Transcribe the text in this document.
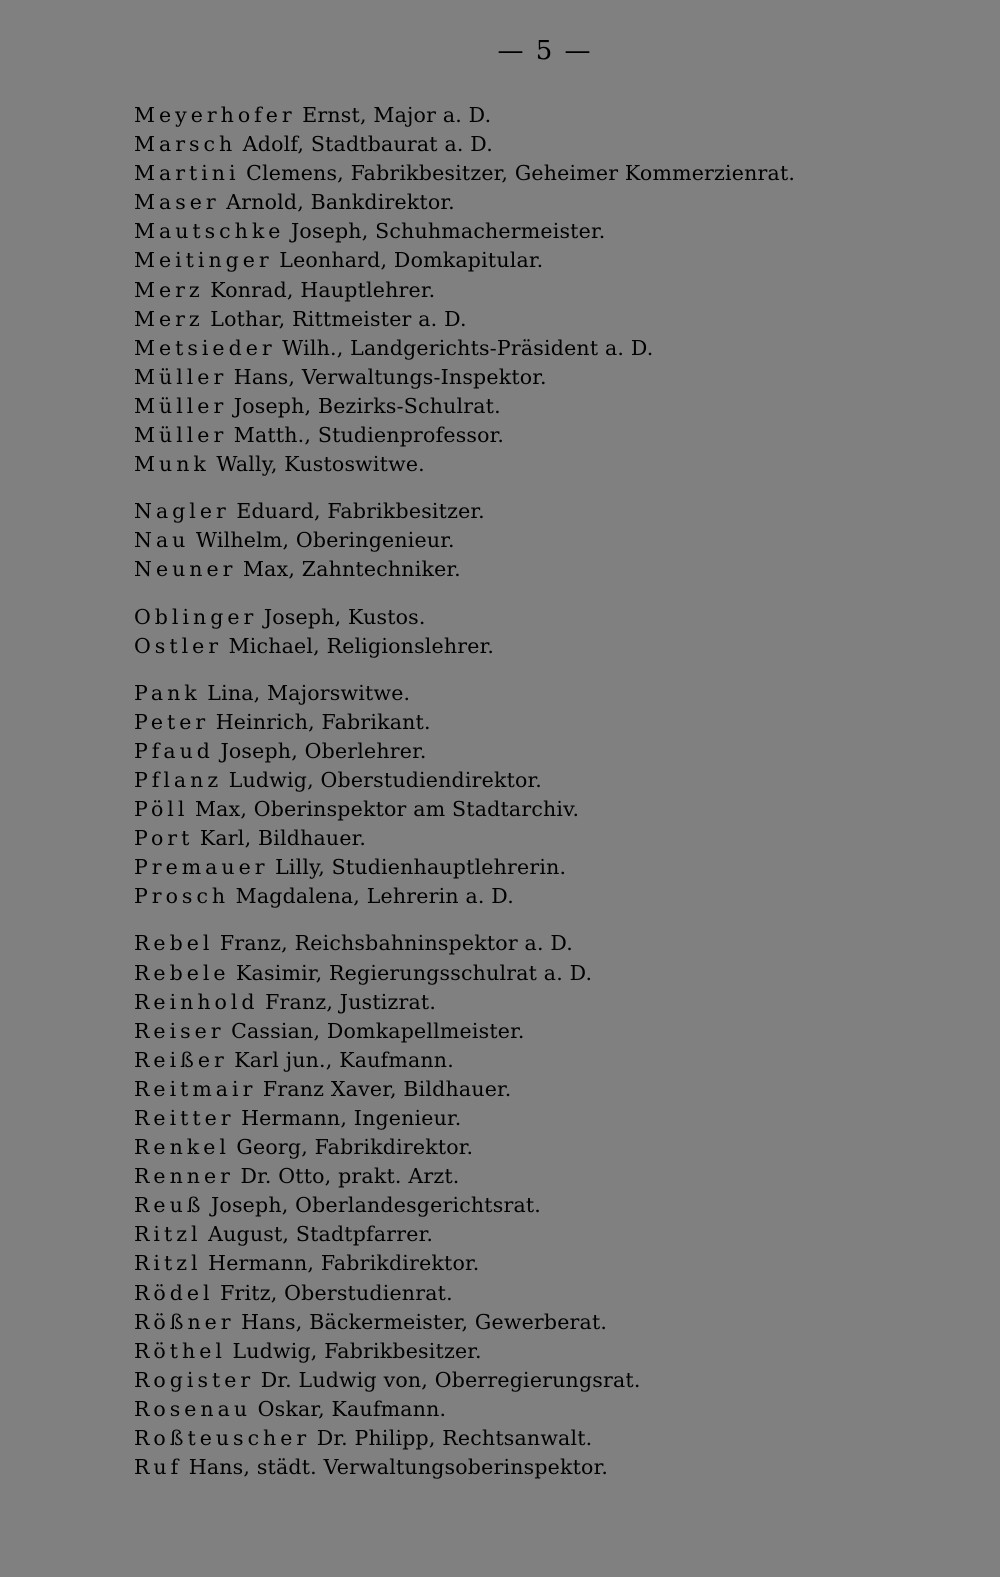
— 5 —
Meyerhofer Ernst, Major a. D.
Marsch Adolf, Stadtbaurat a. D.
Martini Clemens, Fabrikbesitzer, Geheimer Kommerzienrat.
Maser Arnold, Bankdirektor.
Mautschke Joseph, Schuhmachermeister.
Meitinger Leonhard, Domkapitular.
Merz Konrad, Hauptlehrer.
Merz Lothar, Rittmeister a. D.
Metsieder Wilh., Landgerichts-Präsident a. D.
Müller Hans, Verwaltungs-Inspektor.
Müller Joseph, Bezirks-Schulrat.
Müller Matth., Studienprofessor.
Munk Wally, Kustoswitwe.
Nagler Eduard, Fabrikbesitzer.
Nau Wilhelm, Oberingenieur.
Neuner Max, Zahntechniker.
Oblinger Joseph, Kustos.
Ostler Michael, Religionslehrer.
Pank Lina, Majorswitwe.
Peter Heinrich, Fabrikant.
Pfaud Joseph, Oberlehrer.
Pflanz Ludwig, Oberstudiendirektor.
Pöll Max, Oberinspektor am Stadtarchiv.
Port Karl, Bildhauer.
Premauer Lilly, Studienhauptlehrerin.
Prosch Magdalena, Lehrerin a. D.
Rebel Franz, Reichsbahninspektor a. D.
Rebele Kasimir, Regierungsschulrat a. D.
Reinhold Franz, Justizrat.
Reiser Cassian, Domkapellmeister.
Reißer Karl jun., Kaufmann.
Reitmair Franz Xaver, Bildhauer.
Reitter Hermann, Ingenieur.
Renkel Georg, Fabrikdirektor.
Renner Dr. Otto, prakt. Arzt.
Reuß Joseph, Oberlandesgerichtsrat.
Ritzl August, Stadtpfarrer.
Ritzl Hermann, Fabrikdirektor.
Rödel Fritz, Oberstudienrat.
Rößner Hans, Bäckermeister, Gewerberat.
Röthel Ludwig, Fabrikbesitzer.
Rogister Dr. Ludwig von, Oberregierungsrat.
Rosenau Oskar, Kaufmann.
Roßteuscher Dr. Philipp, Rechtsanwalt.
Ruf Hans, städt. Verwaltungsoberinspektor.
